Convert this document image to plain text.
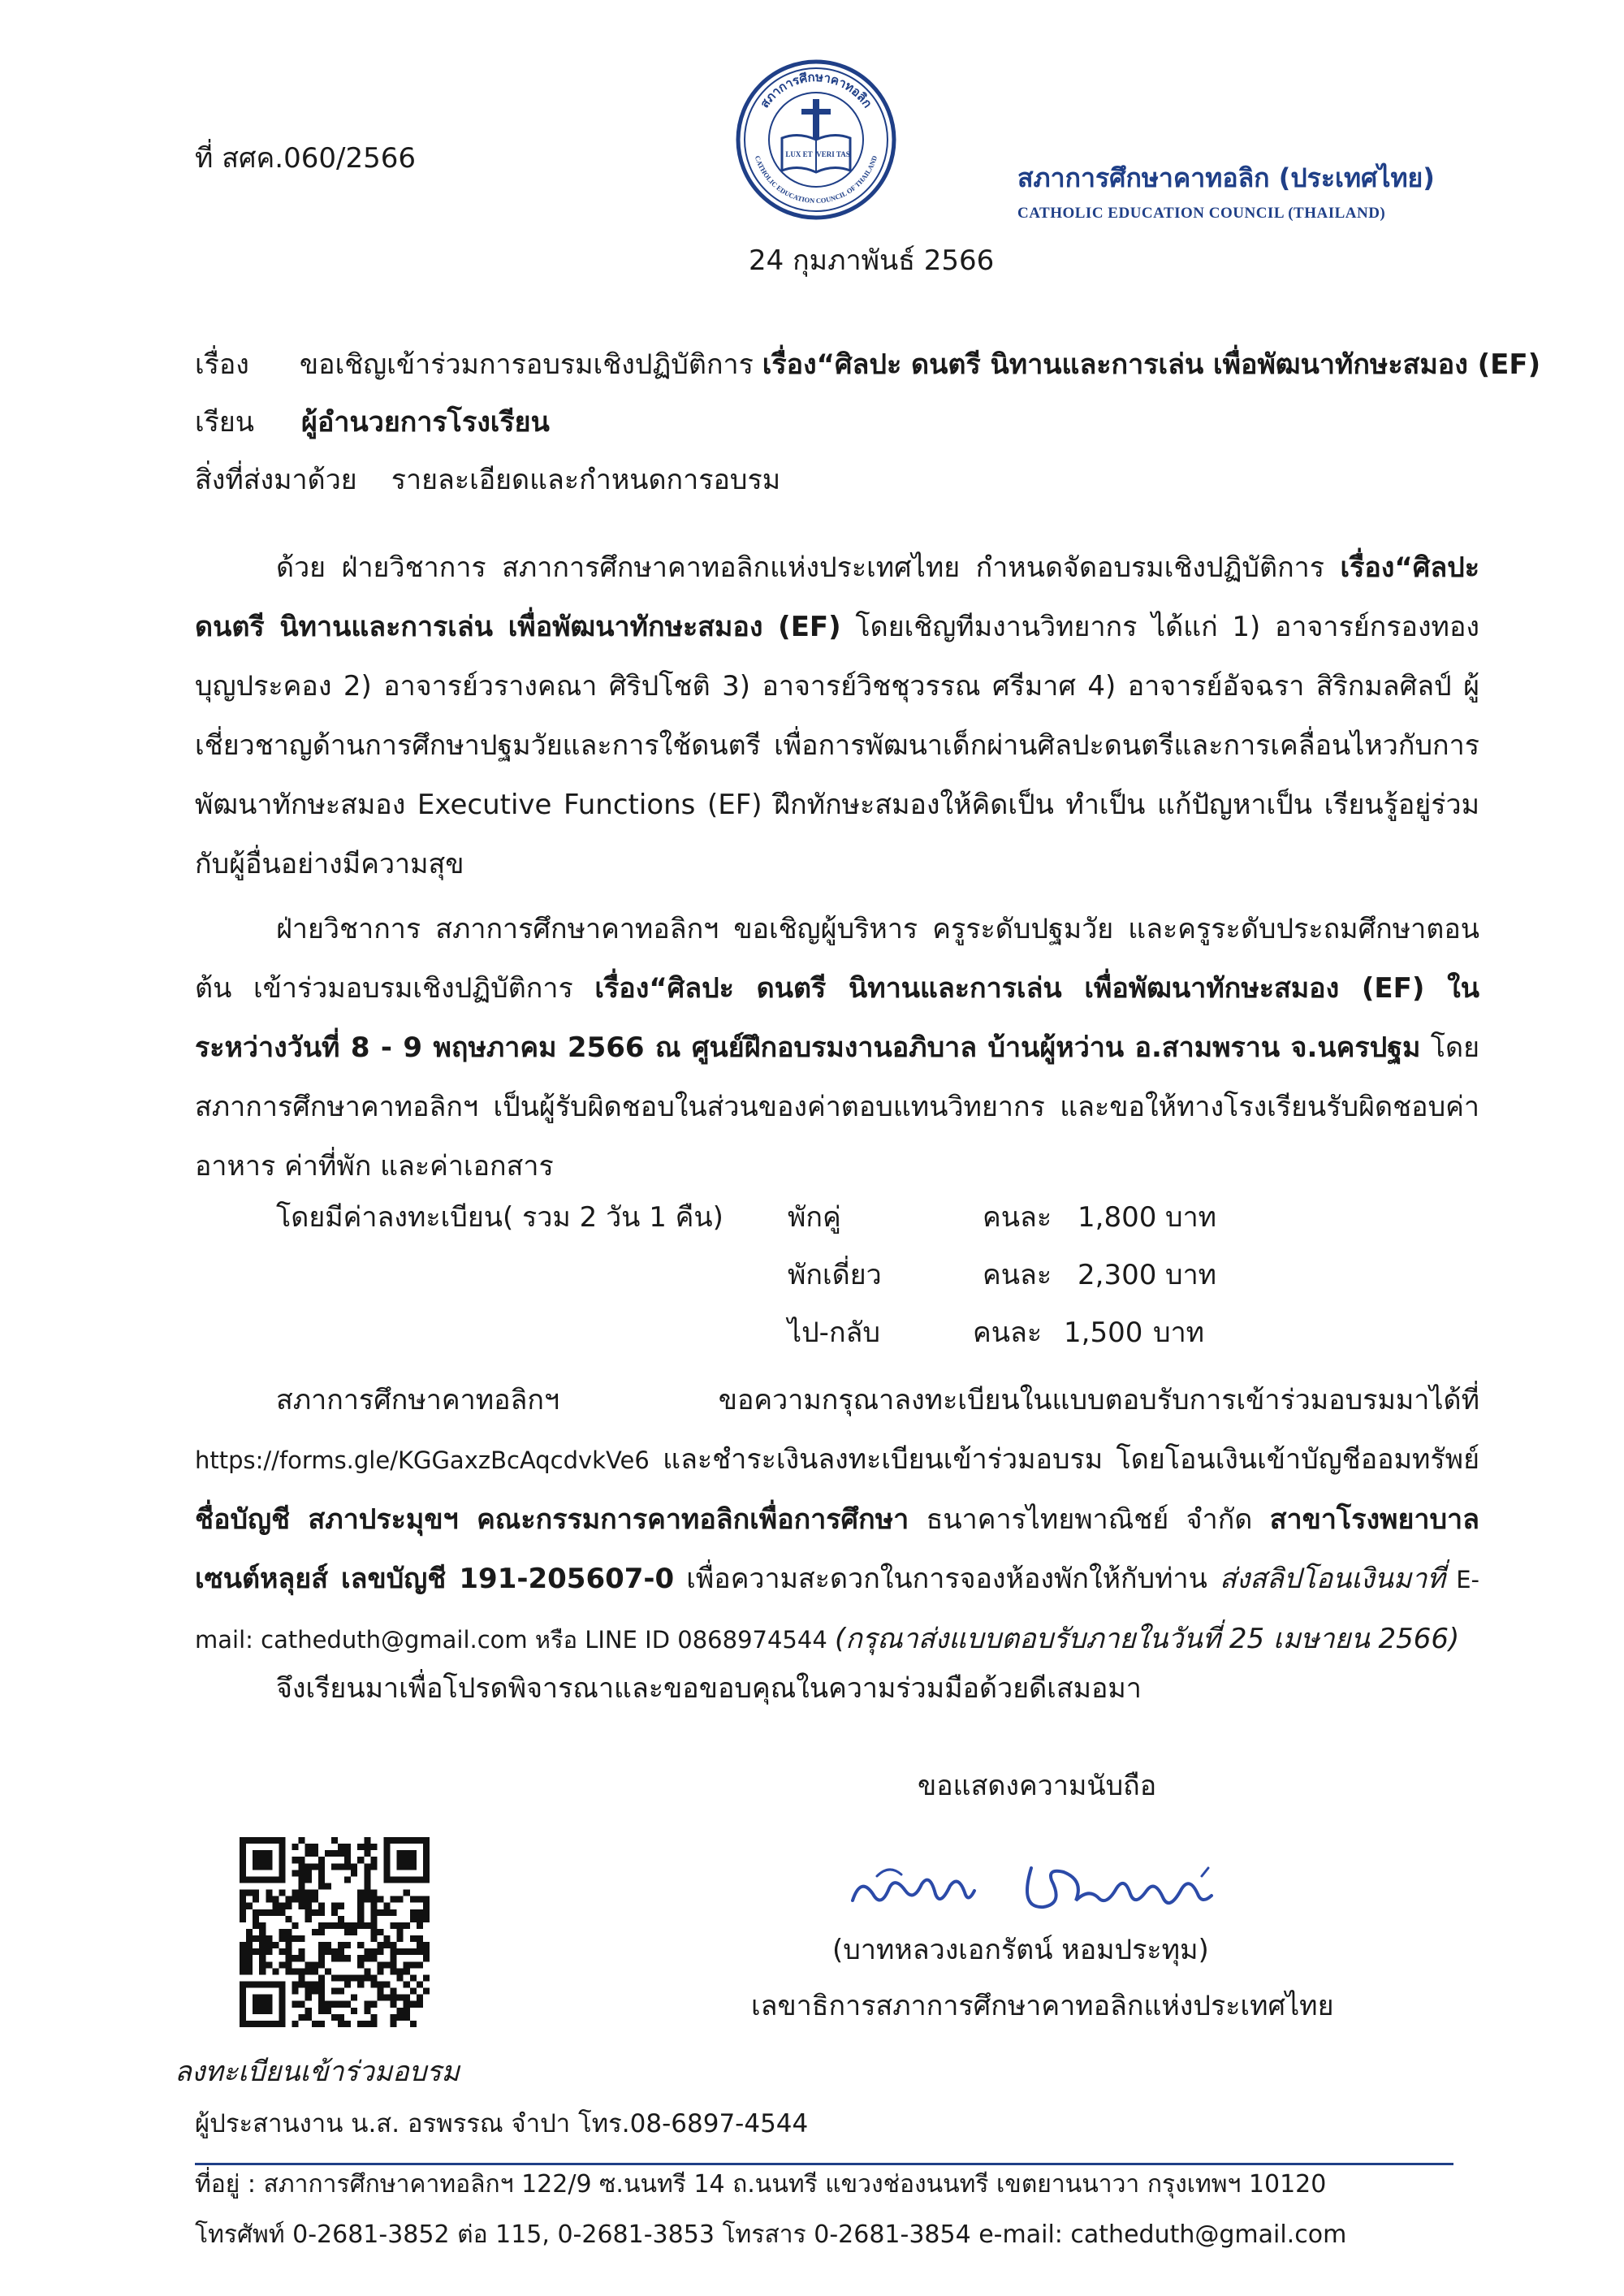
ที่ สศค.060/2566
สภาการศึกษาคาทอลิก
CATHOLIC EDUCATION COUNCIL OF THAILAND
LUX ET VERI TAS
สภาการศึกษาคาทอลิก (ประเทศไทย)
CATHOLIC EDUCATION COUNCIL (THAILAND)
24 กุมภาพันธ์ 2566
เรื่อง ขอเชิญเข้าร่วมการอบรมเชิงปฏิบัติการ เรื่อง“ศิลปะ ดนตรี นิทานและการเล่น เพื่อพัฒนาทักษะสมอง (EF)
เรียน ผู้อำนวยการโรงเรียน
สิ่งที่ส่งมาด้วย รายละเอียดและกำหนดการอบรม
ด้วย ฝ่ายวิชาการ สภาการศึกษาคาทอลิกแห่งประเทศไทย กำหนดจัดอบรมเชิงปฏิบัติการ เรื่อง“ศิลปะ ดนตรี นิทานและการเล่น เพื่อพัฒนาทักษะสมอง (EF) โดยเชิญทีมงานวิทยากร ได้แก่ 1) อาจารย์กรองทอง บุญประคอง 2) อาจารย์วรางคณา ศิริปโชติ 3) อาจารย์วิชชุวรรณ ศรีมาศ 4) อาจารย์อัจฉรา สิริกมลศิลป์ ผู้เชี่ยวชาญด้านการศึกษาปฐมวัยและการใช้ดนตรี เพื่อการพัฒนาเด็กผ่านศิลปะดนตรีและการเคลื่อนไหวกับการพัฒนาทักษะสมอง Executive Functions (EF) ฝึกทักษะสมองให้คิดเป็น ทำเป็น แก้ปัญหาเป็น เรียนรู้อยู่ร่วมกับผู้อื่นอย่างมีความสุข
ฝ่ายวิชาการ สภาการศึกษาคาทอลิกฯ ขอเชิญผู้บริหาร ครูระดับปฐมวัย และครูระดับประถมศึกษาตอนต้น เข้าร่วมอบรมเชิงปฏิบัติการ เรื่อง“ศิลปะ ดนตรี นิทานและการเล่น เพื่อพัฒนาทักษะสมอง (EF) ในระหว่างวันที่ 8 - 9 พฤษภาคม 2566 ณ ศูนย์ฝึกอบรมงานอภิบาล บ้านผู้หว่าน อ.สามพราน จ.นครปฐม โดยสภาการศึกษาคาทอลิกฯ เป็นผู้รับผิดชอบในส่วนของค่าตอบแทนวิทยากร และขอให้ทางโรงเรียนรับผิดชอบค่าอาหาร ค่าที่พัก และค่าเอกสาร
โดยมีค่าลงทะเบียน( รวม 2 วัน 1 คืน) พักคู่	คนละ 1,800 บาท
พักเดี่ยว	คนละ 2,300 บาท
ไป-กลับ	คนละ 1,500 บาท
สภาการศึกษาคาทอลิกฯ ขอความกรุณาลงทะเบียนในแบบตอบรับการเข้าร่วมอบรมมาได้ที่ https://forms.gle/KGGaxzBcAqcdvkVe6 และชำระเงินลงทะเบียนเข้าร่วมอบรม โดยโอนเงินเข้าบัญชีออมทรัพย์ ชื่อบัญชี สภาประมุขฯ คณะกรรมการคาทอลิกเพื่อการศึกษา ธนาคารไทยพาณิชย์ จำกัด สาขาโรงพยาบาลเซนต์หลุยส์ เลขบัญชี 191-205607-0 เพื่อความสะดวกในการจองห้องพักให้กับท่าน ส่งสลิปโอนเงินมาที่ E-mail: catheduth@gmail.com หรือ LINE ID 0868974544 (กรุณาส่งแบบตอบรับภายในวันที่ 25 เมษายน 2566)
จึงเรียนมาเพื่อโปรดพิจารณาและขอขอบคุณในความร่วมมือด้วยดีเสมอมา
ขอแสดงความนับถือ
(บาทหลวงเอกรัตน์ หอมประทุม)
เลขาธิการสภาการศึกษาคาทอลิกแห่งประเทศไทย
ลงทะเบียนเข้าร่วมอบรม
ผู้ประสานงาน น.ส. อรพรรณ จำปา โทร.08-6897-4544
ที่อยู่ : สภาการศึกษาคาทอลิกฯ 122/9 ซ.นนทรี 14 ถ.นนทรี แขวงช่องนนทรี เขตยานนาวา กรุงเทพฯ 10120
โทรศัพท์ 0-2681-3852 ต่อ 115, 0-2681-3853 โทรสาร 0-2681-3854 e-mail: catheduth@gmail.com
